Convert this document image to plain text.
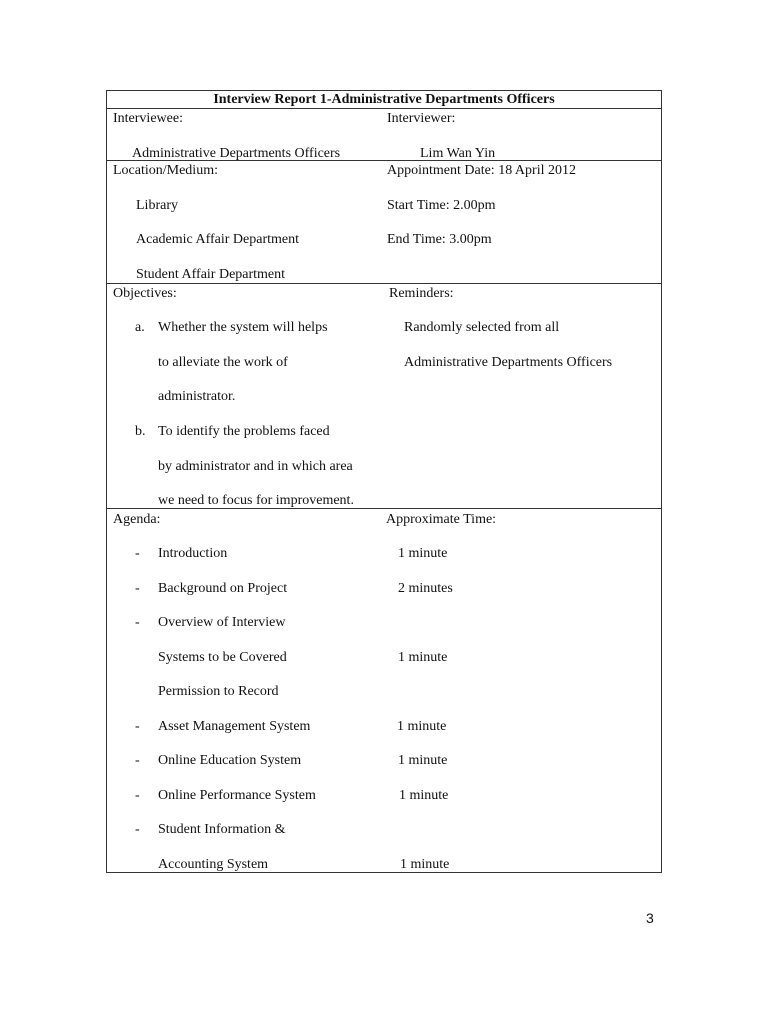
Interview Report 1-Administrative Departments Officers
Interviewee:
Administrative Departments Officers
Interviewer:
Lim Wan Yin
Location/Medium:
Library
Academic Affair Department
Student Affair Department
Appointment Date: 18 April 2012
Start Time: 2.00pm
End Time: 3.00pm
Objectives:
a. Whether the system will helps
to alleviate the work of
administrator.
b. To identify the problems faced
by administrator and in which area
we need to focus for improvement.
Reminders:
Randomly selected from all
Administrative Departments Officers
Agenda:	Approximate Time:
- Introduction	1 minute
- Background on Project	2 minutes
- Overview of Interview
Systems to be Covered	1 minute
Permission to Record
- Asset Management System	1 minute
- Online Education System	1 minute
- Online Performance System	1 minute
- Student Information &
Accounting System	1 minute
3
